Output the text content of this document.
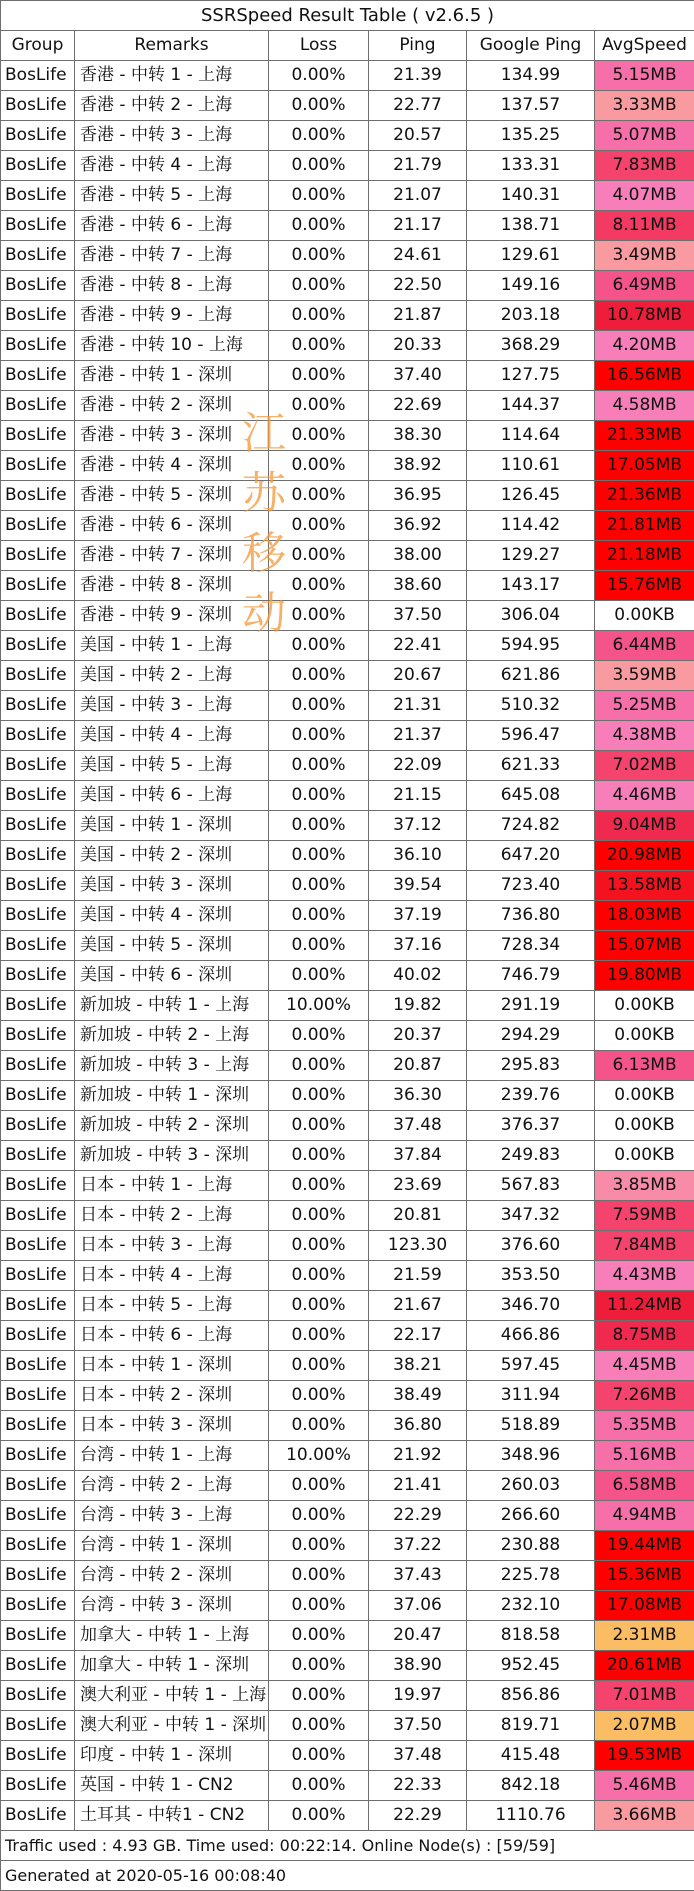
SSRSpeed Result Table ( v2.6.5 )					
Group	Remarks	Loss	Ping	Google Ping	AvgSpeed
BosLife	香港 - 中转 1 - 上海	0.00%	21.39	134.99	5.15MB
BosLife	香港 - 中转 2 - 上海	0.00%	22.77	137.57	3.33MB
BosLife	香港 - 中转 3 - 上海	0.00%	20.57	135.25	5.07MB
BosLife	香港 - 中转 4 - 上海	0.00%	21.79	133.31	7.83MB
BosLife	香港 - 中转 5 - 上海	0.00%	21.07	140.31	4.07MB
BosLife	香港 - 中转 6 - 上海	0.00%	21.17	138.71	8.11MB
BosLife	香港 - 中转 7 - 上海	0.00%	24.61	129.61	3.49MB
BosLife	香港 - 中转 8 - 上海	0.00%	22.50	149.16	6.49MB
BosLife	香港 - 中转 9 - 上海	0.00%	21.87	203.18	10.78MB
BosLife	香港 - 中转 10 - 上海	0.00%	20.33	368.29	4.20MB
BosLife	香港 - 中转 1 - 深圳	0.00%	37.40	127.75	16.56MB
BosLife	香港 - 中转 2 - 深圳	0.00%	22.69	144.37	4.58MB
BosLife	香港 - 中转 3 - 深圳	0.00%	38.30	114.64	21.33MB
BosLife	香港 - 中转 4 - 深圳	0.00%	38.92	110.61	17.05MB
BosLife	香港 - 中转 5 - 深圳	0.00%	36.95	126.45	21.36MB
BosLife	香港 - 中转 6 - 深圳	0.00%	36.92	114.42	21.81MB
BosLife	香港 - 中转 7 - 深圳	0.00%	38.00	129.27	21.18MB
BosLife	香港 - 中转 8 - 深圳	0.00%	38.60	143.17	15.76MB
BosLife	香港 - 中转 9 - 深圳	0.00%	37.50	306.04	0.00KB
BosLife	美国 - 中转 1 - 上海	0.00%	22.41	594.95	6.44MB
BosLife	美国 - 中转 2 - 上海	0.00%	20.67	621.86	3.59MB
BosLife	美国 - 中转 3 - 上海	0.00%	21.31	510.32	5.25MB
BosLife	美国 - 中转 4 - 上海	0.00%	21.37	596.47	4.38MB
BosLife	美国 - 中转 5 - 上海	0.00%	22.09	621.33	7.02MB
BosLife	美国 - 中转 6 - 上海	0.00%	21.15	645.08	4.46MB
BosLife	美国 - 中转 1 - 深圳	0.00%	37.12	724.82	9.04MB
BosLife	美国 - 中转 2 - 深圳	0.00%	36.10	647.20	20.98MB
BosLife	美国 - 中转 3 - 深圳	0.00%	39.54	723.40	13.58MB
BosLife	美国 - 中转 4 - 深圳	0.00%	37.19	736.80	18.03MB
BosLife	美国 - 中转 5 - 深圳	0.00%	37.16	728.34	15.07MB
BosLife	美国 - 中转 6 - 深圳	0.00%	40.02	746.79	19.80MB
BosLife	新加坡 - 中转 1 - 上海	10.00%	19.82	291.19	0.00KB
BosLife	新加坡 - 中转 2 - 上海	0.00%	20.37	294.29	0.00KB
BosLife	新加坡 - 中转 3 - 上海	0.00%	20.87	295.83	6.13MB
BosLife	新加坡 - 中转 1 - 深圳	0.00%	36.30	239.76	0.00KB
BosLife	新加坡 - 中转 2 - 深圳	0.00%	37.48	376.37	0.00KB
BosLife	新加坡 - 中转 3 - 深圳	0.00%	37.84	249.83	0.00KB
BosLife	日本 - 中转 1 - 上海	0.00%	23.69	567.83	3.85MB
BosLife	日本 - 中转 2 - 上海	0.00%	20.81	347.32	7.59MB
BosLife	日本 - 中转 3 - 上海	0.00%	123.30	376.60	7.84MB
BosLife	日本 - 中转 4 - 上海	0.00%	21.59	353.50	4.43MB
BosLife	日本 - 中转 5 - 上海	0.00%	21.67	346.70	11.24MB
BosLife	日本 - 中转 6 - 上海	0.00%	22.17	466.86	8.75MB
BosLife	日本 - 中转 1 - 深圳	0.00%	38.21	597.45	4.45MB
BosLife	日本 - 中转 2 - 深圳	0.00%	38.49	311.94	7.26MB
BosLife	日本 - 中转 3 - 深圳	0.00%	36.80	518.89	5.35MB
BosLife	台湾 - 中转 1 - 上海	10.00%	21.92	348.96	5.16MB
BosLife	台湾 - 中转 2 - 上海	0.00%	21.41	260.03	6.58MB
BosLife	台湾 - 中转 3 - 上海	0.00%	22.29	266.60	4.94MB
BosLife	台湾 - 中转 1 - 深圳	0.00%	37.22	230.88	19.44MB
BosLife	台湾 - 中转 2 - 深圳	0.00%	37.43	225.78	15.36MB
BosLife	台湾 - 中转 3 - 深圳	0.00%	37.06	232.10	17.08MB
BosLife	加拿大 - 中转 1 - 上海	0.00%	20.47	818.58	2.31MB
BosLife	加拿大 - 中转 1 - 深圳	0.00%	38.90	952.45	20.61MB
BosLife	澳大利亚 - 中转 1 - 上海	0.00%	19.97	856.86	7.01MB
BosLife	澳大利亚 - 中转 1 - 深圳	0.00%	37.50	819.71	2.07MB
BosLife	印度 - 中转 1 - 深圳	0.00%	37.48	415.48	19.53MB
BosLife	英国 - 中转 1 - CN2	0.00%	22.33	842.18	5.46MB
BosLife	土耳其 - 中转1 - CN2	0.00%	22.29	1110.76	3.66MB
Traffic used : 4.93 GB. Time used: 00:22:14. Online Node(s) : [59/59]					
Generated at 2020-05-16 00:08:40					
江
苏
移
动
